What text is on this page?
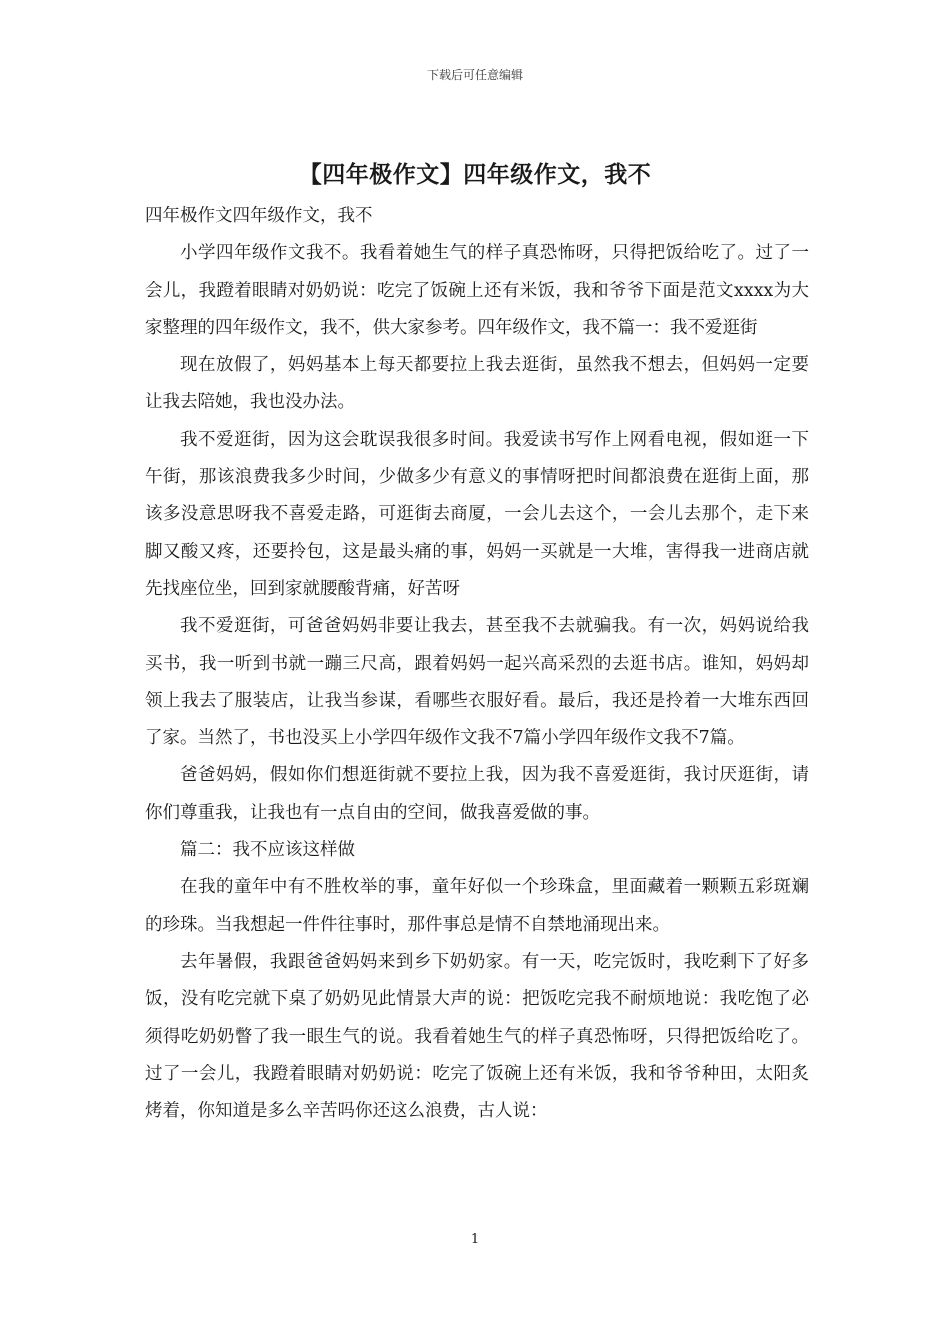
下载后可任意编辑
【四年极作文】四年级作文，我不

四年极作文四年级作文，我不

小学四年级作文我不。我看着她生气的样子真恐怖呀，只得把饭给吃了。过了一会儿，我蹬着眼睛对奶奶说：吃完了饭碗上还有米饭，我和爷爷下面是范文xxxx为大家整理的四年级作文，我不，供大家参考。四年级作文，我不篇一：我不爱逛街

现在放假了，妈妈基本上每天都要拉上我去逛街，虽然我不想去，但妈妈一定要让我去陪她，我也没办法。

我不爱逛街，因为这会耽误我很多时间。我爱读书写作上网看电视，假如逛一下午街，那该浪费我多少时间，少做多少有意义的事情呀把时间都浪费在逛街上面，那该多没意思呀我不喜爱走路，可逛街去商厦，一会儿去这个，一会儿去那个，走下来脚又酸又疼，还要拎包，这是最头痛的事，妈妈一买就是一大堆，害得我一进商店就先找座位坐，回到家就腰酸背痛，好苦呀

我不爱逛街，可爸爸妈妈非要让我去，甚至我不去就骗我。有一次，妈妈说给我买书，我一听到书就一蹦三尺高，跟着妈妈一起兴高采烈的去逛书店。谁知，妈妈却领上我去了服装店，让我当参谋，看哪些衣服好看。最后，我还是拎着一大堆东西回了家。当然了，书也没买上小学四年级作文我不7篇小学四年级作文我不7篇。

爸爸妈妈，假如你们想逛街就不要拉上我，因为我不喜爱逛街，我讨厌逛街，请你们尊重我，让我也有一点自由的空间，做我喜爱做的事。

篇二：我不应该这样做

在我的童年中有不胜枚举的事，童年好似一个珍珠盒，里面藏着一颗颗五彩斑斓的珍珠。当我想起一件件往事时，那件事总是情不自禁地涌现出来。

去年暑假，我跟爸爸妈妈来到乡下奶奶家。有一天，吃完饭时，我吃剩下了好多饭，没有吃完就下桌了奶奶见此情景大声的说：把饭吃完我不耐烦地说：我吃饱了必须得吃奶奶瞥了我一眼生气的说。我看着她生气的样子真恐怖呀，只得把饭给吃了。过了一会儿，我蹬着眼睛对奶奶说：吃完了饭碗上还有米饭，我和爷爷种田，太阳炙烤着，你知道是多么辛苦吗你还这么浪费，古人说：

1
